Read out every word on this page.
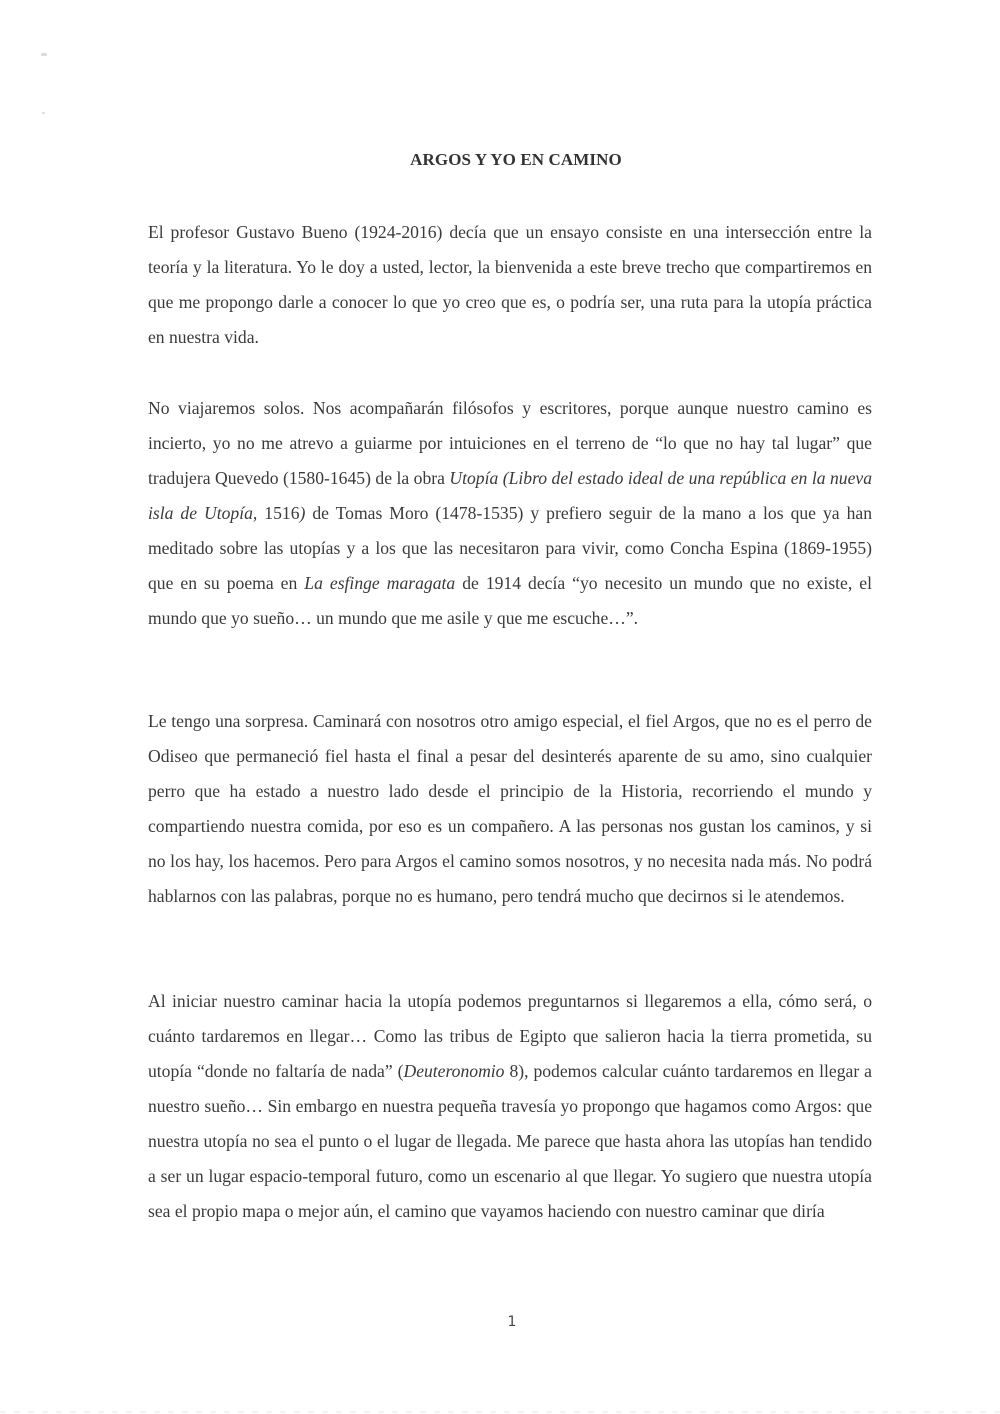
ARGOS Y YO EN CAMINO

El profesor Gustavo Bueno (1924-2016) decía que un ensayo consiste en una intersección entre la teoría y la literatura. Yo le doy a usted, lector, la bienvenida a este breve trecho que compartiremos en que me propongo darle a conocer lo que yo creo que es, o podría ser, una ruta para la utopía práctica en nuestra vida.

No viajaremos solos. Nos acompañarán filósofos y escritores, porque aunque nuestro camino es incierto, yo no me atrevo a guiarme por intuiciones en el terreno de “lo que no hay tal lugar” que tradujera Quevedo (1580-1645) de la obra Utopía (Libro del estado ideal de una república en la nueva isla de Utopía, 1516) de Tomas Moro (1478-1535) y prefiero seguir de la mano a los que ya han meditado sobre las utopías y a los que las necesitaron para vivir, como Concha Espina (1869-1955) que en su poema en La esfinge maragata de 1914 decía “yo necesito un mundo que no existe, el mundo que yo sueño… un mundo que me asile y que me escuche…”.

Le tengo una sorpresa. Caminará con nosotros otro amigo especial, el fiel Argos, que no es el perro de Odiseo que permaneció fiel hasta el final a pesar del desinterés aparente de su amo, sino cualquier perro que ha estado a nuestro lado desde el principio de la Historia, recorriendo el mundo y compartiendo nuestra comida, por eso es un compañero. A las personas nos gustan los caminos, y si no los hay, los hacemos. Pero para Argos el camino somos nosotros, y no necesita nada más. No podrá hablarnos con las palabras, porque no es humano, pero tendrá mucho que decirnos si le atendemos.

Al iniciar nuestro caminar hacia la utopía podemos preguntarnos si llegaremos a ella, cómo será, o cuánto tardaremos en llegar… Como las tribus de Egipto que salieron hacia la tierra prometida, su utopía “donde no faltaría de nada” (Deuteronomio 8), podemos calcular cuánto tardaremos en llegar a nuestro sueño… Sin embargo en nuestra pequeña travesía yo propongo que hagamos como Argos: que nuestra utopía no sea el punto o el lugar de llegada. Me parece que hasta ahora las utopías han tendido a ser un lugar espacio-temporal futuro, como un escenario al que llegar. Yo sugiero que nuestra utopía sea el propio mapa o mejor aún, el camino que vayamos haciendo con nuestro caminar que diría

1
